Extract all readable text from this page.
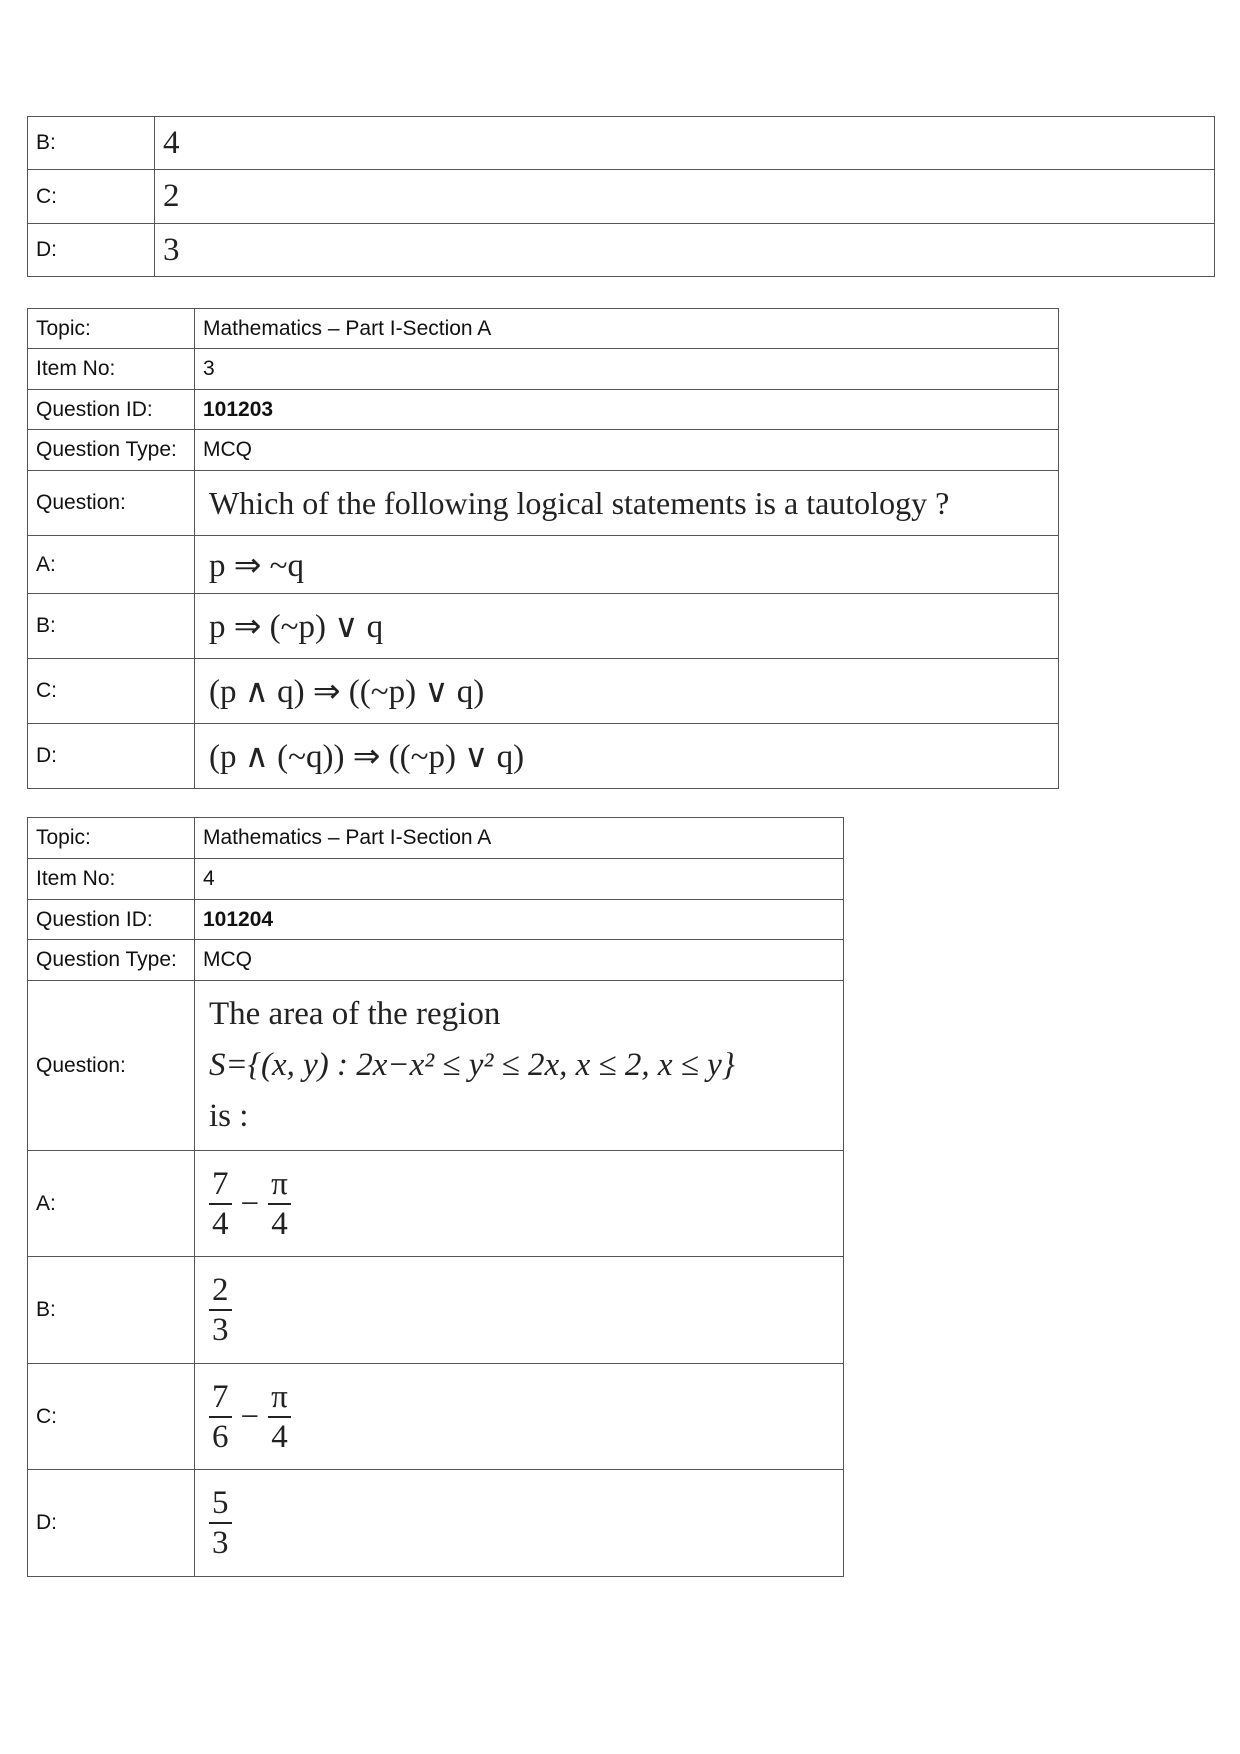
B:	4
C:	2
D:	3
Topic:	Mathematics – Part I-Section A
Item No:	3
Question ID:	101203
Question Type:	MCQ
Question:	Which of the following logical statements is a tautology ?
A:	p ⇒ ~q
B:	p ⇒ (~p) ∨ q
C:	(p ∧ q) ⇒ ((~p) ∨ q)
D:	(p ∧ (~q)) ⇒ ((~p) ∨ q)
Topic:	Mathematics – Part I-Section A
Item No:	4
Question ID:	101204
Question Type:	MCQ
Question:	The area of the region
S={(x, y) : 2x−x² ≤ y² ≤ 2x, x ≤ 2, x ≤ y}
is :

A:	$\frac{7}{4} - \frac{\pi}{4}$

B:	$\frac{2}{3}$

C:	$\frac{7}{6} - \frac{\pi}{4}$

D:	$\frac{5}{3}$
